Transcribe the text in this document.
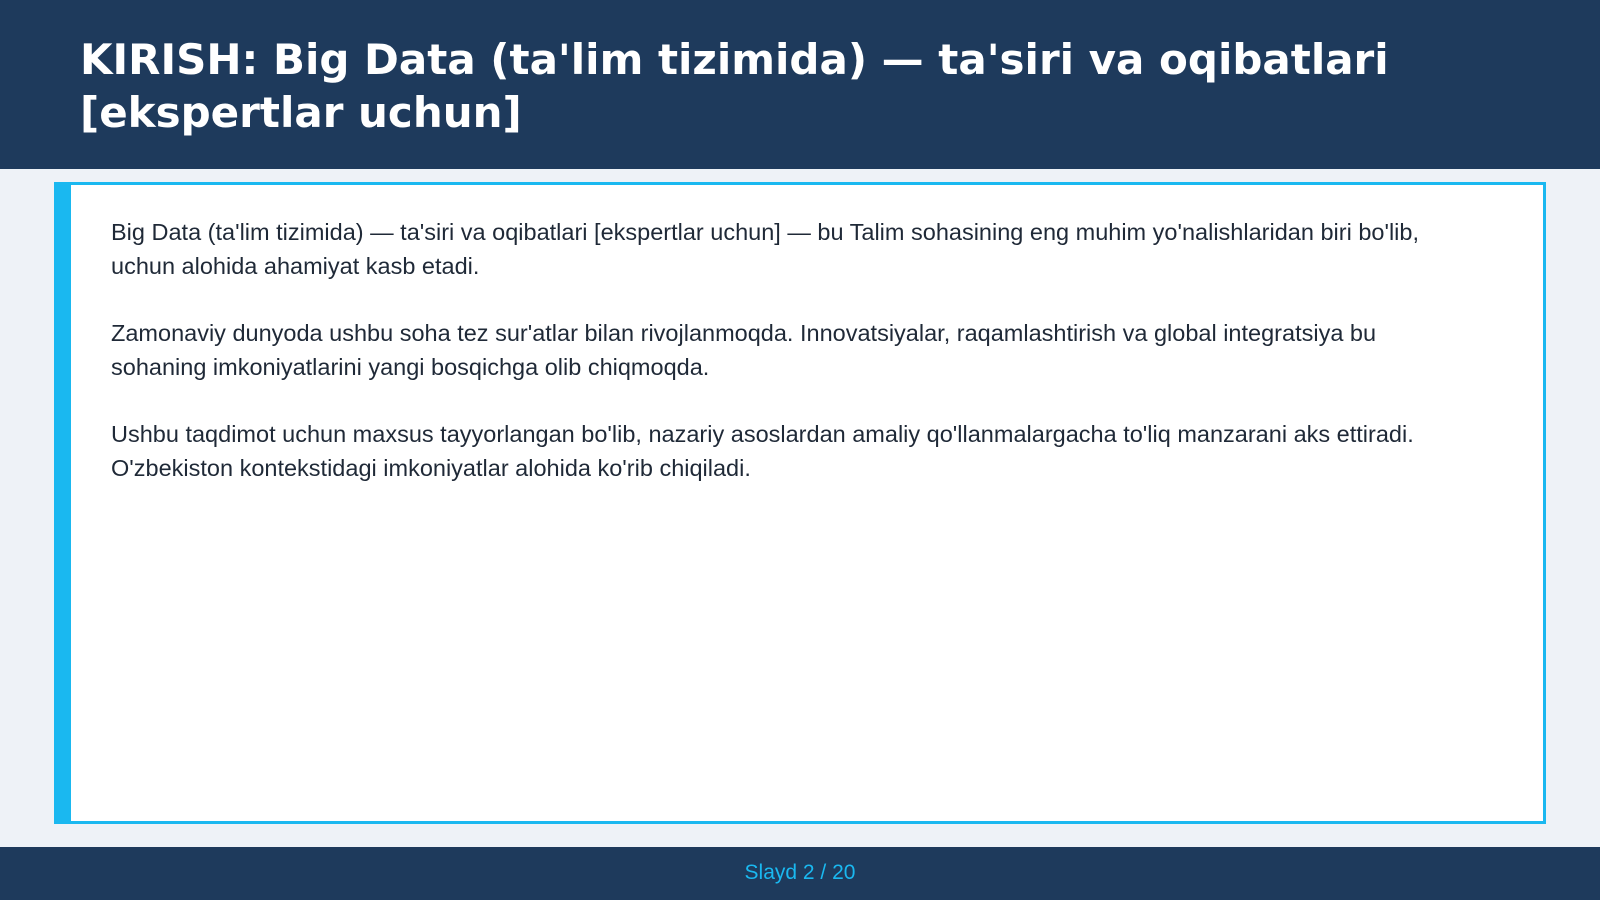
KIRISH: Big Data (ta'lim tizimida) — ta'siri va oqibatlari [ekspertlar uchun]

Big Data (ta'lim tizimida) — ta'siri va oqibatlari [ekspertlar uchun] — bu Talim sohasining eng muhim yo'nalishlaridan biri bo'lib, uchun alohida ahamiyat kasb etadi.

Zamonaviy dunyoda ushbu soha tez sur'atlar bilan rivojlanmoqda. Innovatsiyalar, raqamlashtirish va global integratsiya bu sohaning imkoniyatlarini yangi bosqichga olib chiqmoqda.

Ushbu taqdimot uchun maxsus tayyorlangan bo'lib, nazariy asoslardan amaliy qo'llanmalargacha to'liq manzarani aks ettiradi. O'zbekiston kontekstidagi imkoniyatlar alohida ko'rib chiqiladi.

Slayd 2 / 20
